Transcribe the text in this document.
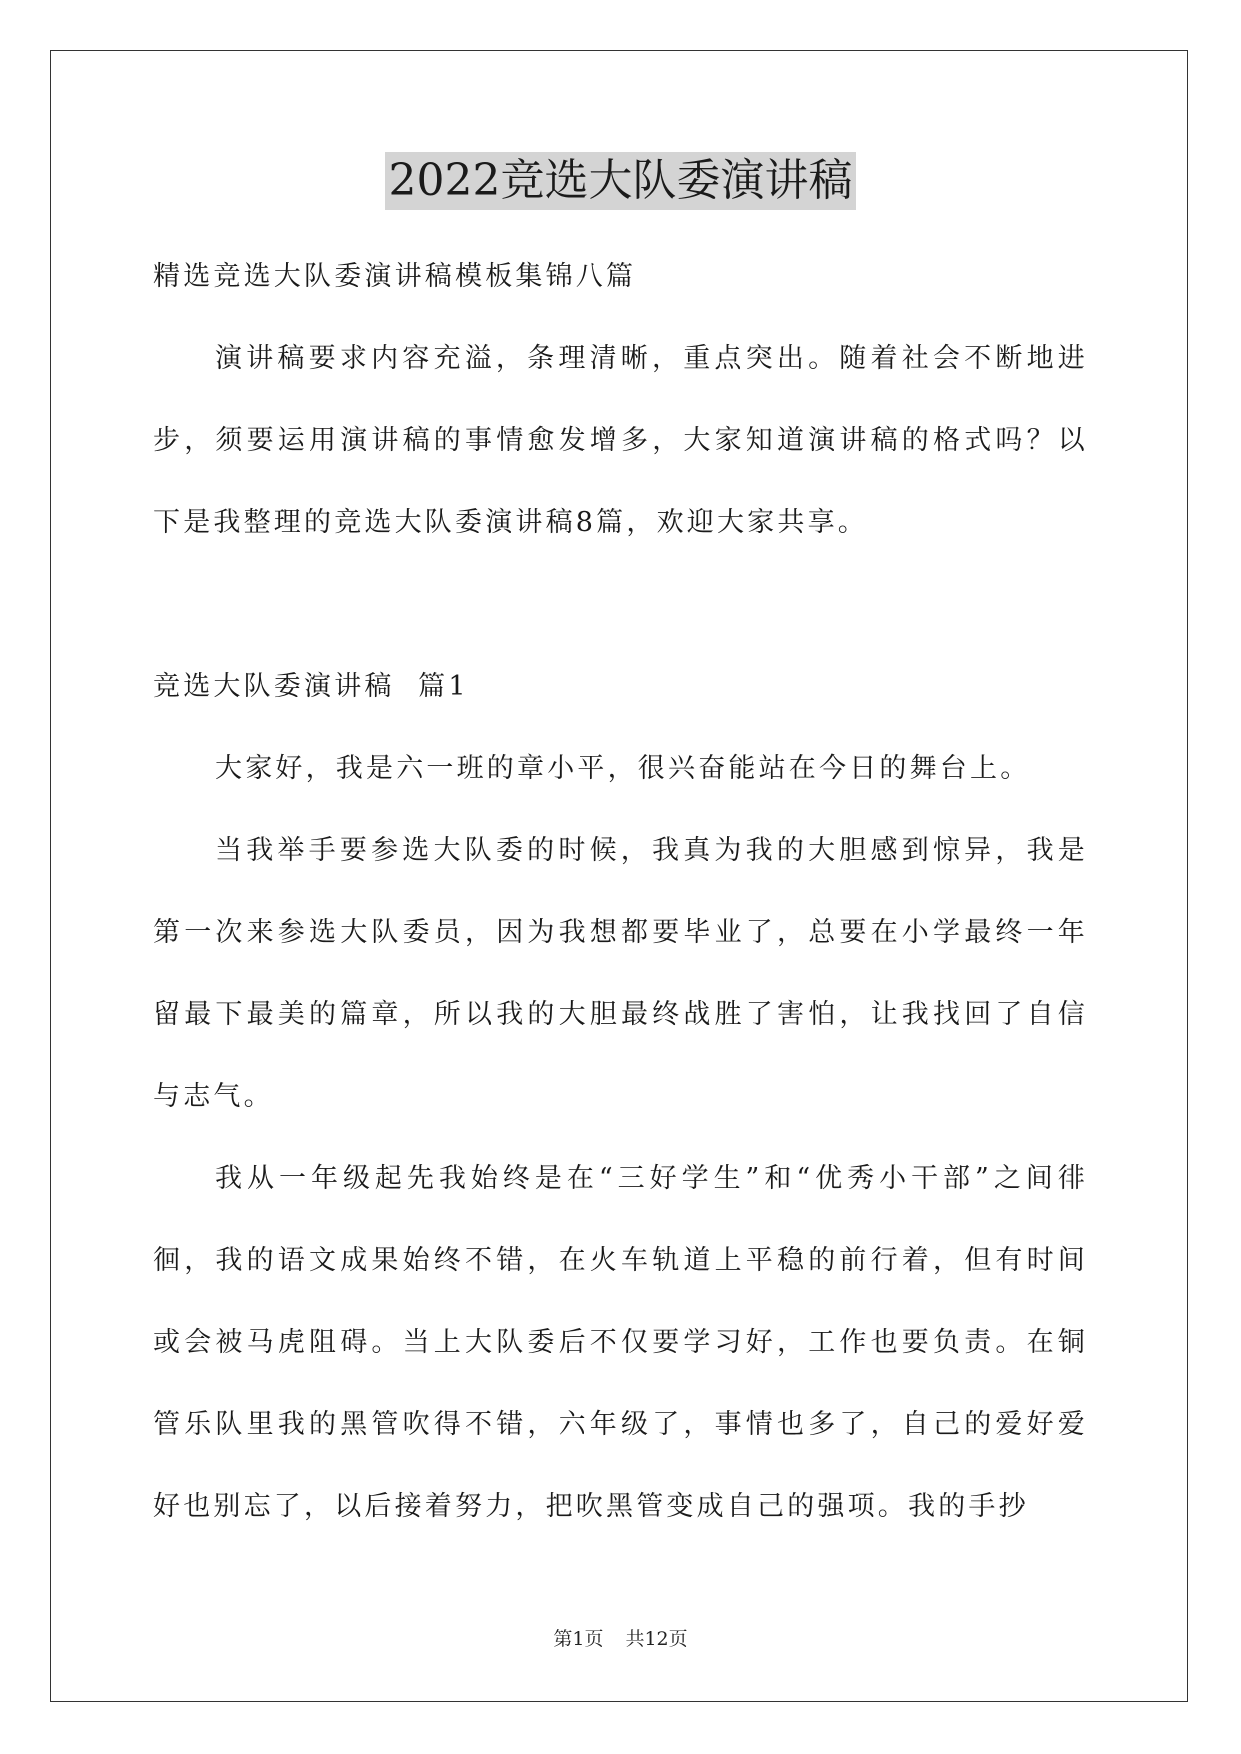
2022竞选大队委演讲稿

精选竞选大队委演讲稿模板集锦八篇

演讲稿要求内容充溢，条理清晰，重点突出。随着社会不断地进步，须要运用演讲稿的事情愈发增多，大家知道演讲稿的格式吗？以下是我整理的竞选大队委演讲稿8篇，欢迎大家共享。

竞选大队委演讲稿  篇1

大家好，我是六一班的章小平，很兴奋能站在今日的舞台上。

当我举手要参选大队委的时候，我真为我的大胆感到惊异，我是第一次来参选大队委员，因为我想都要毕业了，总要在小学最终一年留最下最美的篇章，所以我的大胆最终战胜了害怕，让我找回了自信与志气。

我从一年级起先我始终是在“三好学生”和“优秀小干部”之间徘徊，我的语文成果始终不错，在火车轨道上平稳的前行着，但有时间或会被马虎阻碍。当上大队委后不仅要学习好，工作也要负责。在铜管乐队里我的黑管吹得不错，六年级了，事情也多了，自己的爱好爱好也别忘了，以后接着努力，把吹黑管变成自己的强项。我的手抄

第1页 共12页
